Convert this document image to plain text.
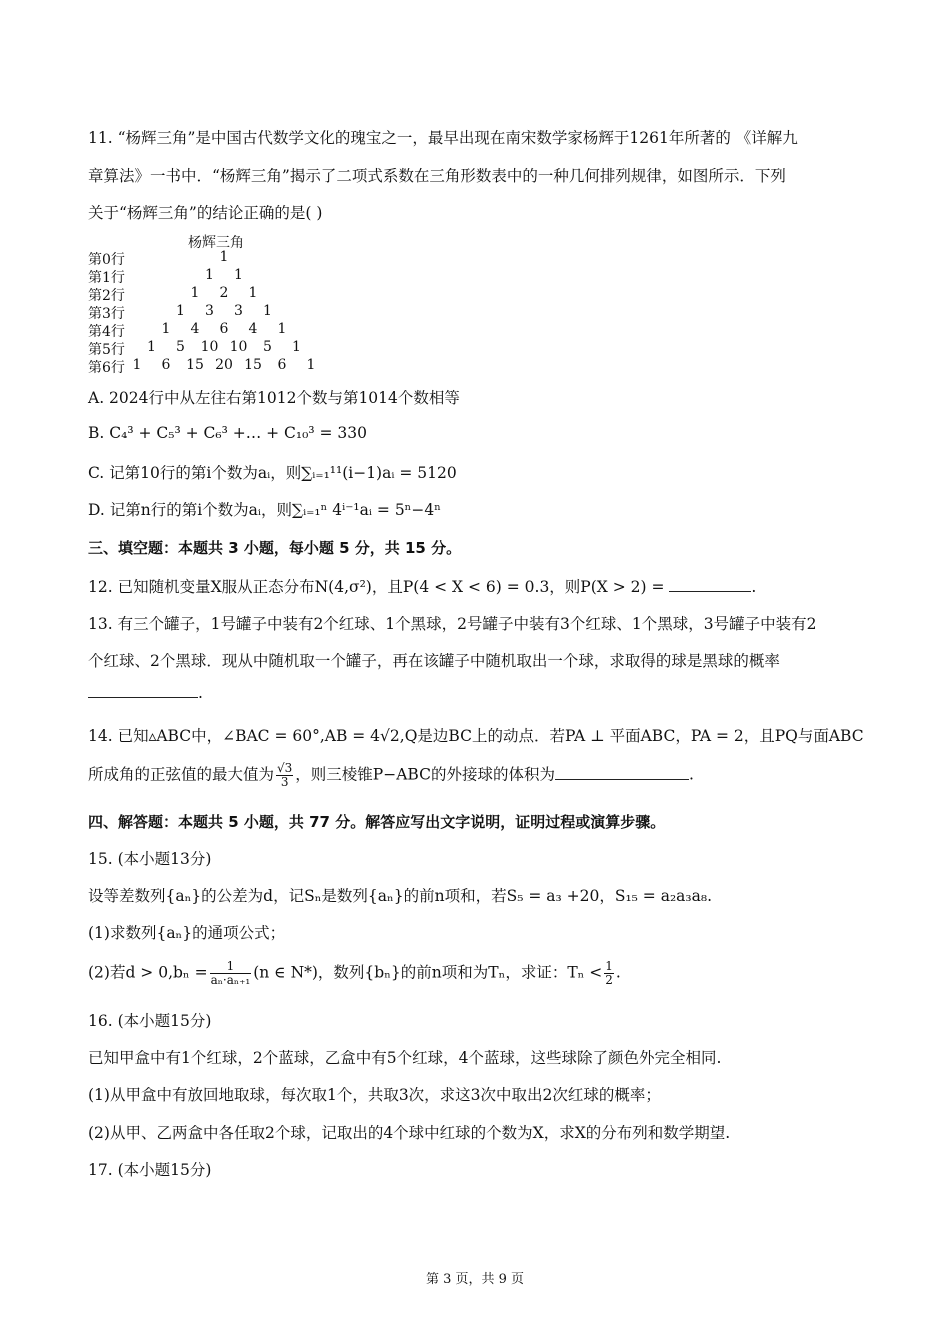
11. “杨辉三角”是中国古代数学文化的瑰宝之一，最早出现在南宋数学家杨辉于1261年所著的 《详解九
章算法》一书中．“杨辉三角”揭示了二项式系数在三角形数表中的一种几何排列规律，如图所示．下列
关于“杨辉三角”的结论正确的是( )
杨辉三角
第0行	1
第1行	1	1
第2行	1	2	1
第3行	1	3	3	1
第4行	1	4	6	4	1
第5行	1	5	10 10	5	1
第6行 1	6	15 20 15	6	1
A. 2024行中从左往右第1012个数与第1014个数相等
B. C₄³ + C₅³ + C₆³ +… + C₁₀³ = 330
C. 记第10行的第i个数为aᵢ，则∑ᵢ₌₁¹¹(i−1)aᵢ = 5120
D. 记第n行的第i个数为aᵢ，则∑ᵢ₌₁ⁿ 4ⁱ⁻¹aᵢ = 5ⁿ−4ⁿ
三、填空题：本题共 3 小题，每小题 5 分，共 15 分。
12. 已知随机变量X服从正态分布N(4,σ²)，且P(4 < X < 6) = 0.3，则P(X > 2) =	.
13. 有三个罐子，1号罐子中装有2个红球、1个黑球，2号罐子中装有3个红球、1个黑球，3号罐子中装有2
个红球、2个黑球．现从中随机取一个罐子，再在该罐子中随机取出一个球，求取得的球是黑球的概率
.
14. 已知▵ABC中，∠BAC = 60°,AB = 4√2,Q是边BC上的动点．若PA ⊥ 平面ABC，PA = 2，且PQ与面ABC
所成角的正弦值的最大值为 $\frac{√3}{3}$ ，则三棱锥P−ABC的外接球的体积为	.
四、解答题：本题共 5 小题，共 77 分。解答应写出文字说明，证明过程或演算步骤。
15. (本小题13分)
设等差数列{aₙ}的公差为d，记Sₙ是数列{aₙ}的前n项和，若S₅ = a₃ +20，S₁₅ = a₂a₃a₈.
(1)求数列{aₙ}的通项公式；
(2)若$d > 0,b_n = \frac{1}{\text{aₙ·aₙ₊₁}} (n$ ∈ N*)，数列{bₙ}的前n项和为Tₙ，求证：$T_n < \frac{1}{2}$ .
16. (本小题15分)
已知甲盒中有1个红球，2个蓝球，乙盒中有5个红球，4个蓝球，这些球除了颜色外完全相同.
(1)从甲盒中有放回地取球，每次取1个，共取3次，求这3次中取出2次红球的概率；
(2)从甲、乙两盒中各任取2个球，记取出的4个球中红球的个数为X，求X的分布列和数学期望.
17. (本小题15分)
第 3 页，共 9 页
